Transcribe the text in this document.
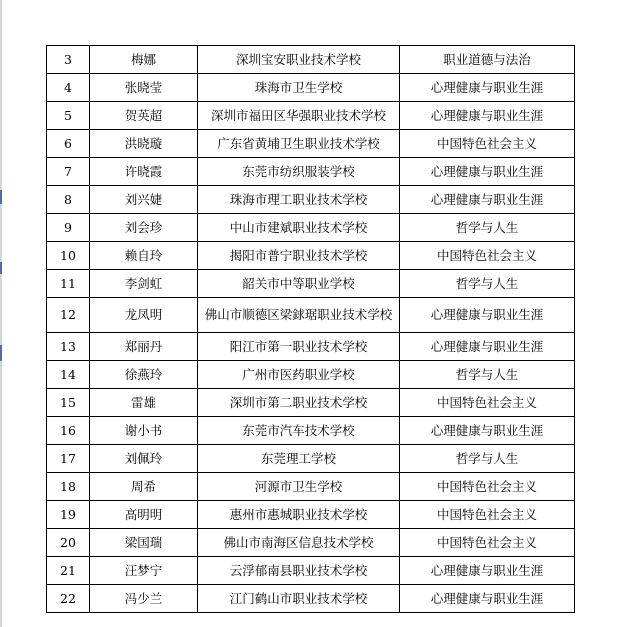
3	梅娜	深圳宝安职业技术学校	职业道德与法治
4	张晓莹	珠海市卫生学校	心理健康与职业生涯
5	贺英超	深圳市福田区华强职业技术学校	心理健康与职业生涯
6	洪晓璇	广东省黄埔卫生职业技术学校	中国特色社会主义
7	许晓霞	东莞市纺织服装学校	心理健康与职业生涯
8	刘兴婕	珠海市理工职业技术学校	心理健康与职业生涯
9	刘会珍	中山市建斌职业技术学校	哲学与人生
10	赖自玲	揭阳市普宁职业技术学校	中国特色社会主义
11	李剑虹	韶关市中等职业学校	哲学与人生
12	龙凤明	佛山市顺德区梁銶琚职业技术学校	心理健康与职业生涯
13	郑丽丹	阳江市第一职业技术学校	心理健康与职业生涯
14	徐燕玲	广州市医药职业学校	哲学与人生
15	雷雄	深圳市第二职业技术学校	中国特色社会主义
16	谢小书	东莞市汽车技术学校	心理健康与职业生涯
17	刘佩玲	东莞理工学校	哲学与人生
18	周希	河源市卫生学校	中国特色社会主义
19	高明明	惠州市惠城职业技术学校	中国特色社会主义
20	梁国瑞	佛山市南海区信息技术学校	中国特色社会主义
21	汪梦宁	云浮郁南县职业技术学校	心理健康与职业生涯
22	冯少兰	江门鹤山市职业技术学校	心理健康与职业生涯
